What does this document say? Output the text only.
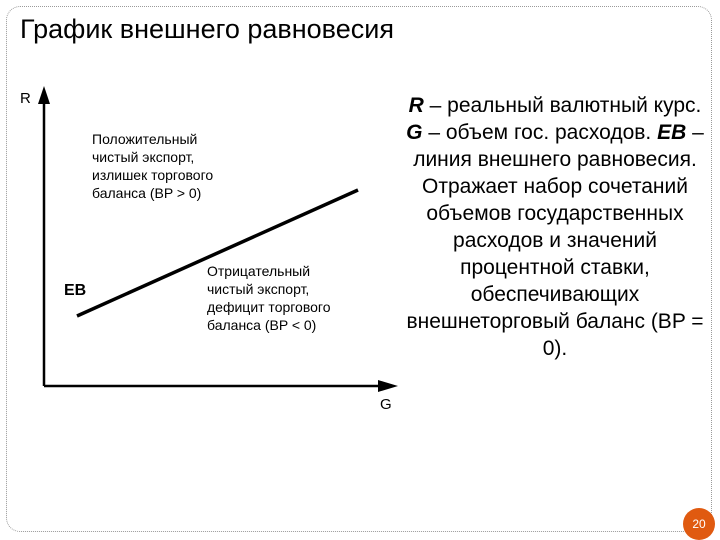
График внешнего равновесия
R
G
EB
Положительный
чистый экспорт,
излишек торгового
баланса (BP > 0)
Отрицательный
чистый экспорт,
дефицит торгового
баланса (BP < 0)
R – реальный валютный курс. G – объем гос. расходов. EB – линия внешнего равновесия. Отражает набор сочетаний объемов государственных расходов и значений процентной ставки, обеспечивающих внешнеторговый баланс (BP = 0).
20
